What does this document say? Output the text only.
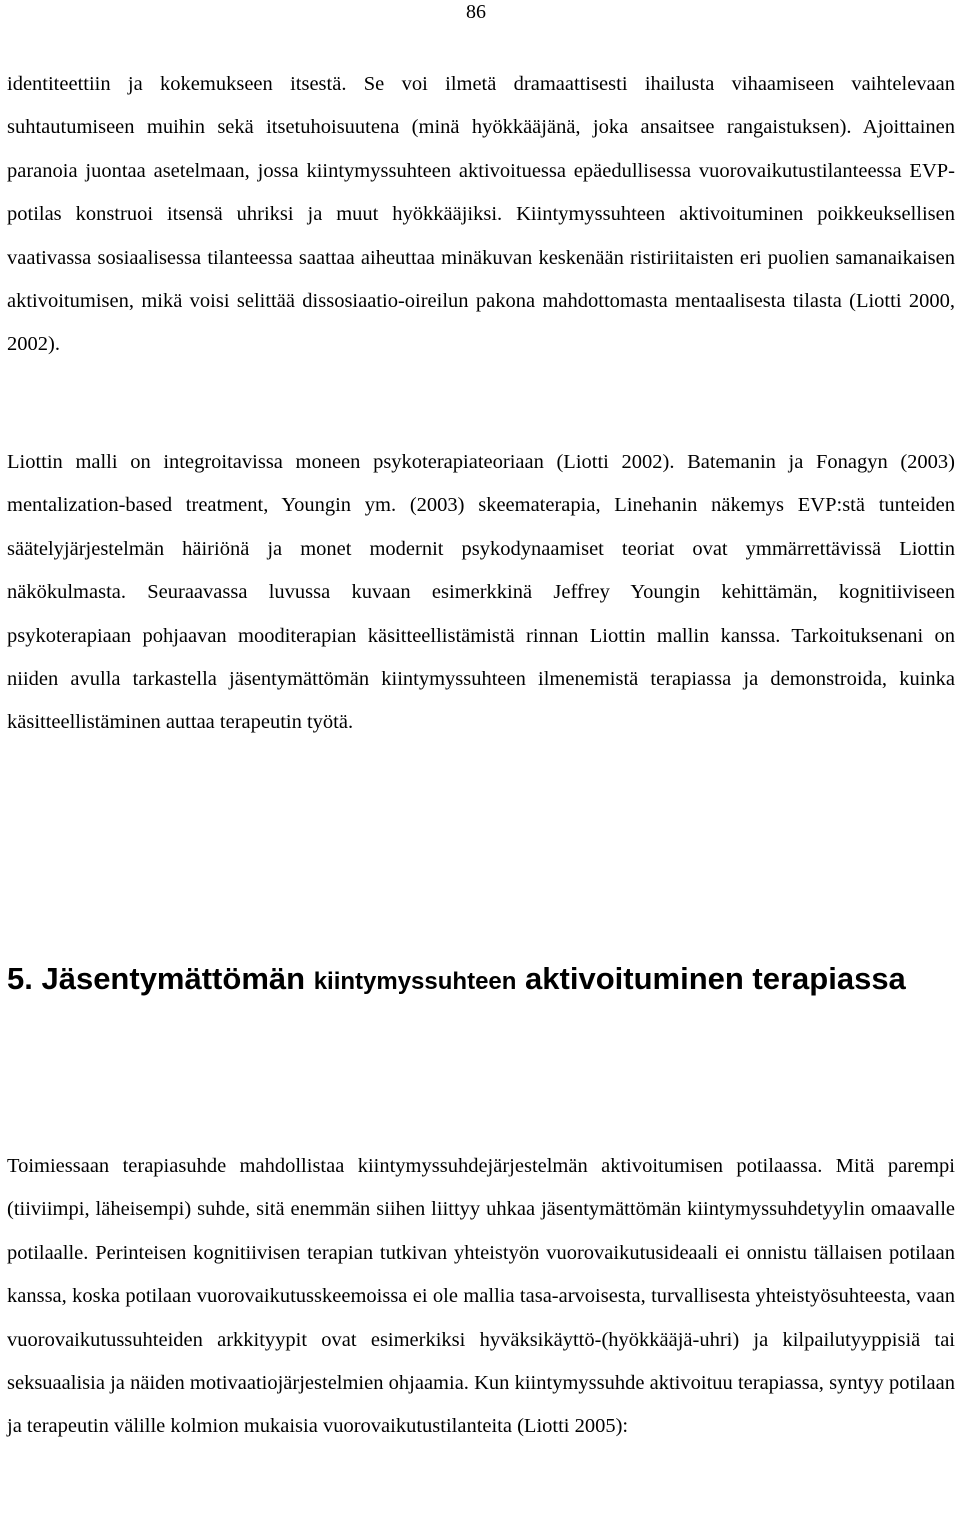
86

identiteettiin ja kokemukseen itsestä. Se voi ilmetä dramaattisesti ihailusta vihaamiseen vaihtelevaan suhtautumiseen muihin sekä itsetuhoisuutena (minä hyökkääjänä, joka ansaitsee rangaistuksen). Ajoittainen paranoia juontaa asetelmaan, jossa kiintymyssuhteen aktivoituessa epäedullisessa vuorovaikutustilanteessa EVP-potilas konstruoi itsensä uhriksi ja muut hyökkääjiksi. Kiintymyssuhteen aktivoituminen poikkeuksellisen vaativassa sosiaalisessa tilanteessa saattaa aiheuttaa minäkuvan keskenään ristiriitaisten eri puolien samanaikaisen aktivoitumisen, mikä voisi selittää dissosiaatio-oireilun pakona mahdottomasta mentaalisesta tilasta (Liotti 2000, 2002).

Liottin malli on integroitavissa moneen psykoterapiateoriaan (Liotti 2002). Batemanin ja Fonagyn (2003) mentalization-based treatment, Youngin ym. (2003) skeematerapia, Linehanin näkemys EVP:stä tunteiden säätelyjärjestelmän häiriönä ja monet modernit psykodynaamiset teoriat ovat ymmärrettävissä Liottin näkökulmasta. Seuraavassa luvussa kuvaan esimerkkinä Jeffrey Youngin kehittämän, kognitiiviseen psykoterapiaan pohjaavan mooditerapian käsitteellistämistä rinnan Liottin mallin kanssa. Tarkoituksenani on niiden avulla tarkastella jäsentymättömän kiintymyssuhteen ilmenemistä terapiassa ja demonstroida, kuinka käsitteellistäminen auttaa terapeutin työtä.

5. Jäsentymättömän kiintymyssuhteen aktivoituminen terapiassa

Toimiessaan terapiasuhde mahdollistaa kiintymyssuhdejärjestelmän aktivoitumisen potilaassa. Mitä parempi (tiiviimpi, läheisempi) suhde, sitä enemmän siihen liittyy uhkaa jäsentymättömän kiintymyssuhdetyylin omaavalle potilaalle. Perinteisen kognitiivisen terapian tutkivan yhteistyön vuorovaikutusideaali ei onnistu tällaisen potilaan kanssa, koska potilaan vuorovaikutusskeemoissa ei ole mallia tasa-arvoisesta, turvallisesta yhteistyösuhteesta, vaan vuorovaikutussuhteiden arkkityypit ovat esimerkiksi hyväksikäyttö-(hyökkääjä-uhri) ja kilpailutyyppisiä tai seksuaalisia ja näiden motivaatiojärjestelmien ohjaamia. Kun kiintymyssuhde aktivoituu terapiassa, syntyy potilaan ja terapeutin välille kolmion mukaisia vuorovaikutustilanteita (Liotti 2005):
